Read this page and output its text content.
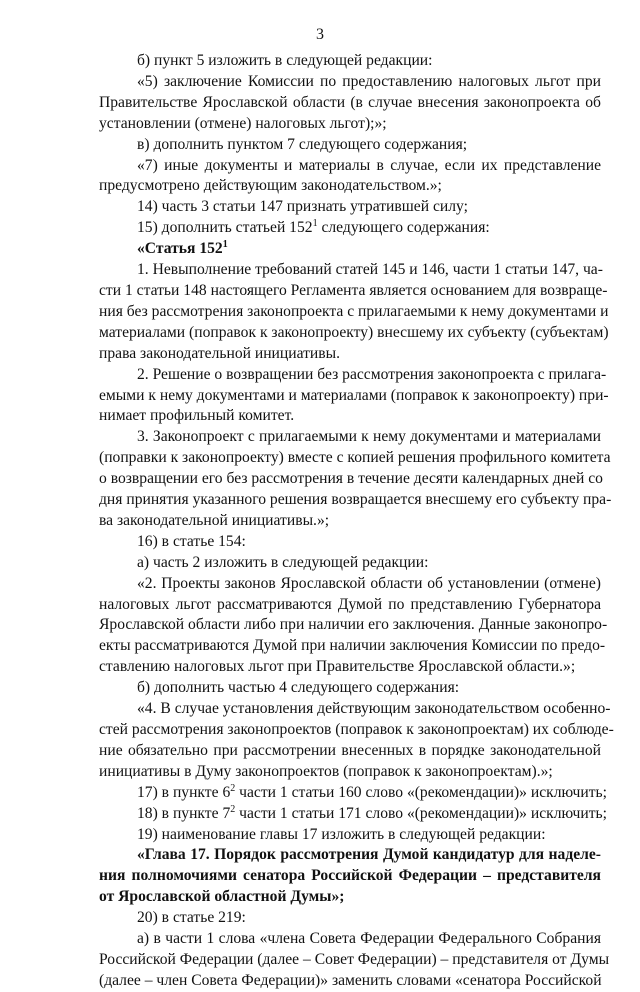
3
б) пункт 5 изложить в следующей редакции:
«5) заключение Комиссии по предоставлению налоговых льгот при
Правительстве Ярославской области (в случае внесения законопроекта об
установлении (отмене) налоговых льгот);»;
в) дополнить пунктом 7 следующего содержания;
«7) иные документы и материалы в случае, если их представление
предусмотрено действующим законодательством.»;
14) часть 3 статьи 147 признать утратившей силу;
15) дополнить статьей $152^1$ следующего содержания:
«Статья $152^1$
1. Невыполнение требований статей 145 и 146, части 1 статьи 147, ча-
сти 1 статьи 148 настоящего Регламента является основанием для возвраще-
ния без рассмотрения законопроекта с прилагаемыми к нему документами и
материалами (поправок к законопроекту) внесшему их субъекту (субъектам)
права законодательной инициативы.
2. Решение о возвращении без рассмотрения законопроекта с прилага-
емыми к нему документами и материалами (поправок к законопроекту) при-
нимает профильный комитет.
3. Законопроект с прилагаемыми к нему документами и материалами
(поправки к законопроекту) вместе с копией решения профильного комитета
о возвращении его без рассмотрения в течение десяти календарных дней со
дня принятия указанного решения возвращается внесшему его субъекту пра-
ва законодательной инициативы.»;
16) в статье 154:
а) часть 2 изложить в следующей редакции:
«2. Проекты законов Ярославской области об установлении (отмене)
налоговых льгот рассматриваются Думой по представлению Губернатора
Ярославской области либо при наличии его заключения. Данные законопро-
екты рассматриваются Думой при наличии заключения Комиссии по предо-
ставлению налоговых льгот при Правительстве Ярославской области.»;
б) дополнить частью 4 следующего содержания:
«4. В случае установления действующим законодательством особенно-
стей рассмотрения законопроектов (поправок к законопроектам) их соблюде-
ние обязательно при рассмотрении внесенных в порядке законодательной
инициативы в Думу законопроектов (поправок к законопроектам).»;
17) в пункте $6^2$ части 1 статьи 160 слово «(рекомендации)» исключить;
18) в пункте $7^2$ части 1 статьи 171 слово «(рекомендации)» исключить;
19) наименование главы 17 изложить в следующей редакции:
«Глава 17. Порядок рассмотрения Думой кандидатур для наделе-
ния полномочиями сенатора Российской Федерации – представителя
от Ярославской областной Думы»;
20) в статье 219:
а) в части 1 слова «члена Совета Федерации Федерального Собрания
Российской Федерации (далее – Совет Федерации) – представителя от Думы
(далее – член Совета Федерации)» заменить словами «сенатора Российской
